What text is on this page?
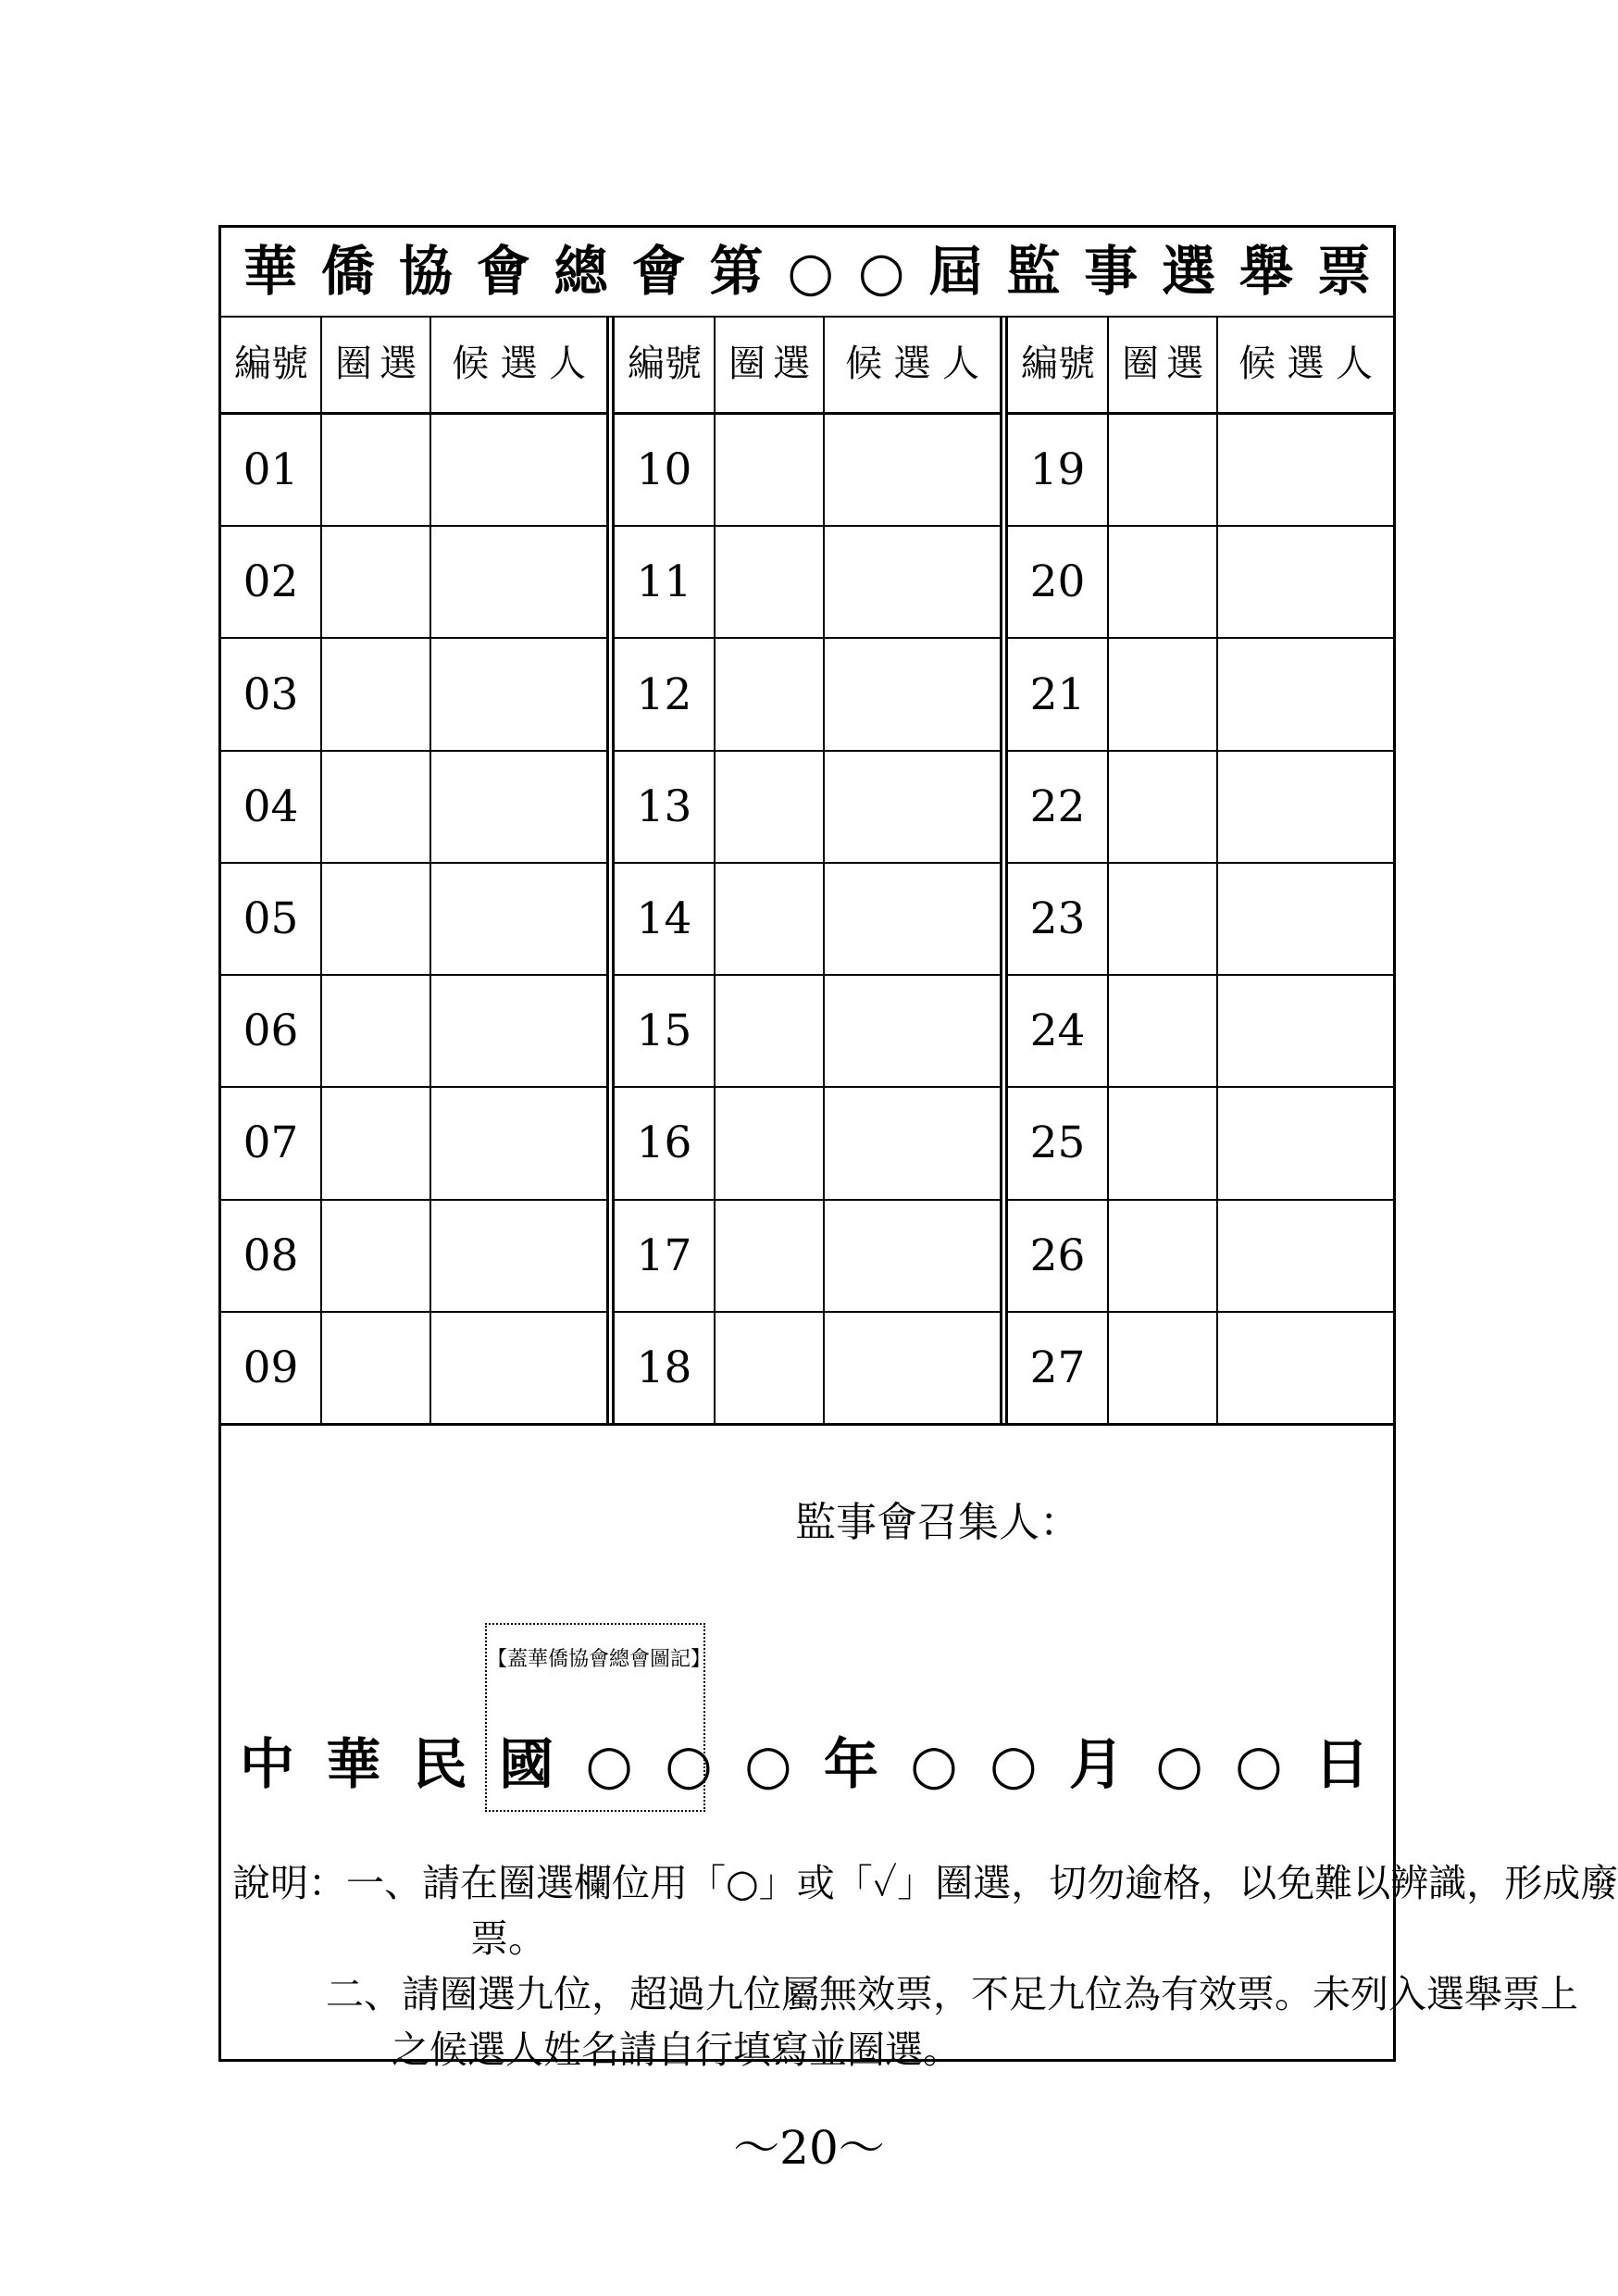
華僑協會總會第○○屆監事選舉票
編號 圈選 候選人
01
02
03
04
05
06
07
08
09
編號 圈選 候選人
10
11
12
13
14
15
16
17
18
編號 圈選 候選人
19
20
21
22
23
24
25
26
27
監事會召集人：
【蓋華僑協會總會圖記】
中華民國○○○年○○月○○日
說明：一、請在圈選欄位用「○」或「✓」圈選，切勿逾格，以免難以辨識，形成廢
票。
二、請圈選九位，超過九位屬無效票，不足九位為有效票。未列入選舉票上
之候選人姓名請自行填寫並圈選。
～20～
